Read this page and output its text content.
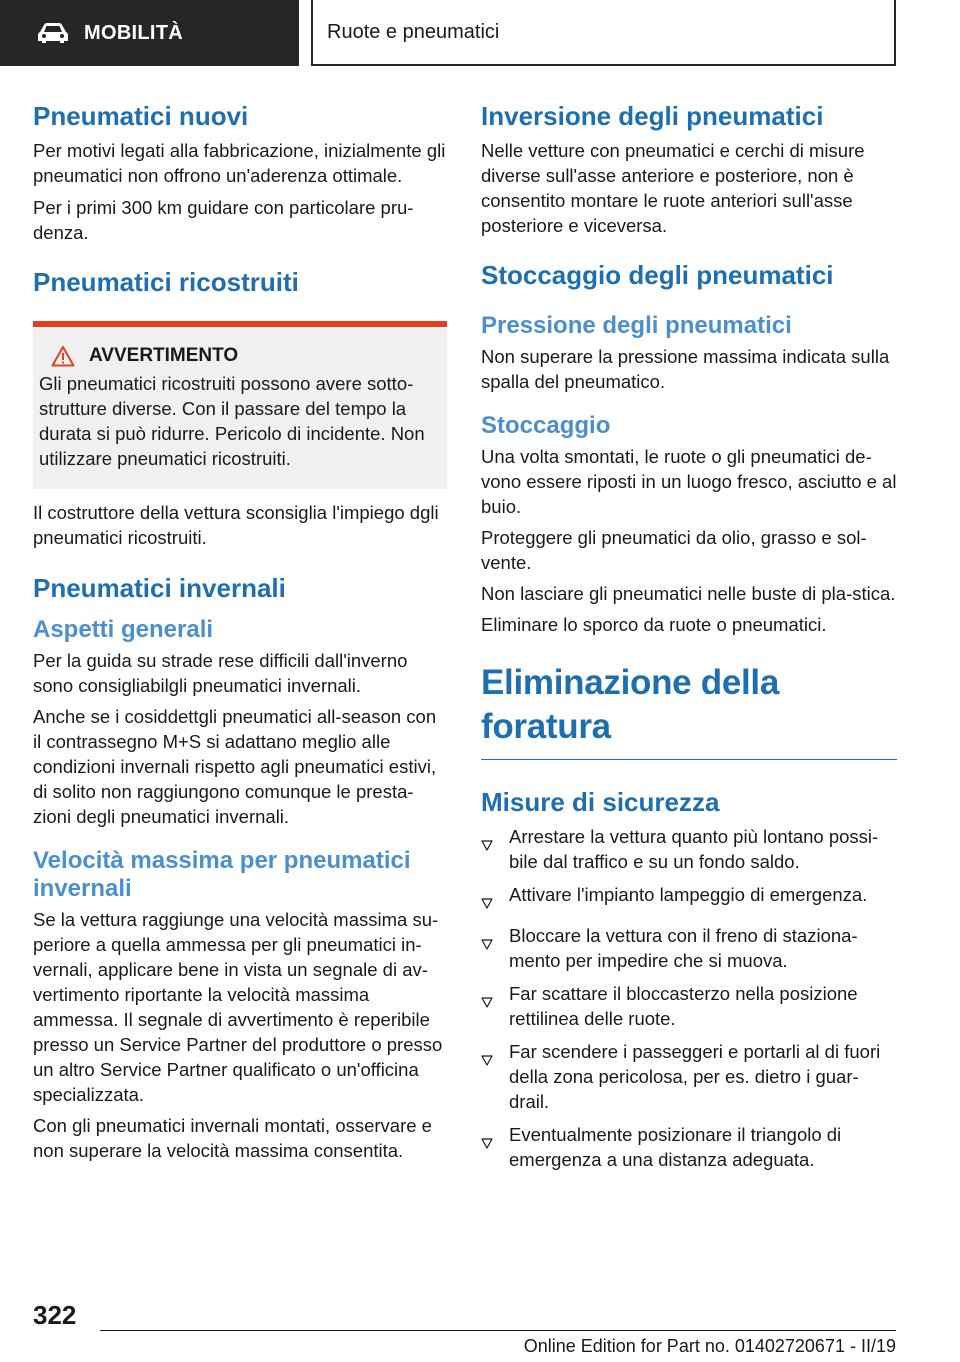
MOBILITÀ	Ruote e pneumatici
Pneumatici nuovi

Per motivi legati alla fabbricazione, inizialmente gli pneumatici non offrono un'aderenza ottimale.

Per i primi 300 km guidare con particolare pru-denza.

Pneumatici ricostruiti
AVVERTIMENTO

Gli pneumatici ricostruiti possono avere sotto-strutture diverse. Con il passare del tempo la durata si può ridurre. Pericolo di incidente. Non utilizzare pneumatici ricostruiti.

Il costruttore della vettura sconsiglia l'impiego dgli pneumatici ricostruiti.

Pneumatici invernali
Aspetti generali

Per la guida su strade rese difficili dall'inverno sono consigliabilgli pneumatici invernali.

Anche se i cosiddettgli pneumatici all-season con il contrassegno M+S si adattano meglio alle condizioni invernali rispetto agli pneumatici estivi, di solito non raggiungono comunque le presta-zioni degli pneumatici invernali.

Velocità massima per pneumatici invernali

Se la vettura raggiunge una velocità massima su-periore a quella ammessa per gli pneumatici in-vernali, applicare bene in vista un segnale di av-vertimento riportante la velocità massima ammessa. Il segnale di avvertimento è reperibile presso un Service Partner del produttore o presso un altro Service Partner qualificato o un'officina specializzata.

Con gli pneumatici invernali montati, osservare e non superare la velocità massima consentita.

Inversione degli pneumatici

Nelle vetture con pneumatici e cerchi di misure diverse sull'asse anteriore e posteriore, non è consentito montare le ruote anteriori sull'asse posteriore e viceversa.

Stoccaggio degli pneumatici
Pressione degli pneumatici

Non superare la pressione massima indicata sulla spalla del pneumatico.

Stoccaggio

Una volta smontati, le ruote o gli pneumatici de-vono essere riposti in un luogo fresco, asciutto e al buio.

Proteggere gli pneumatici da olio, grasso e sol-vente.

Non lasciare gli pneumatici nelle buste di pla-stica.

Eliminare lo sporco da ruote o pneumatici.

Eliminazione della foratura
Misure di sicurezza
Arrestare la vettura quanto più lontano possi-bile dal traffico e su un fondo saldo.
Attivare l'impianto lampeggio di emergenza.
Bloccare la vettura con il freno di staziona-mento per impedire che si muova.
Far scattare il bloccasterzo nella posizione rettilinea delle ruote.
Far scendere i passeggeri e portarli al di fuori della zona pericolosa, per es. dietro i guar-drail.
Eventualmente posizionare il triangolo di emergenza a una distanza adeguata.
322
Online Edition for Part no. 01402720671 - II/19
